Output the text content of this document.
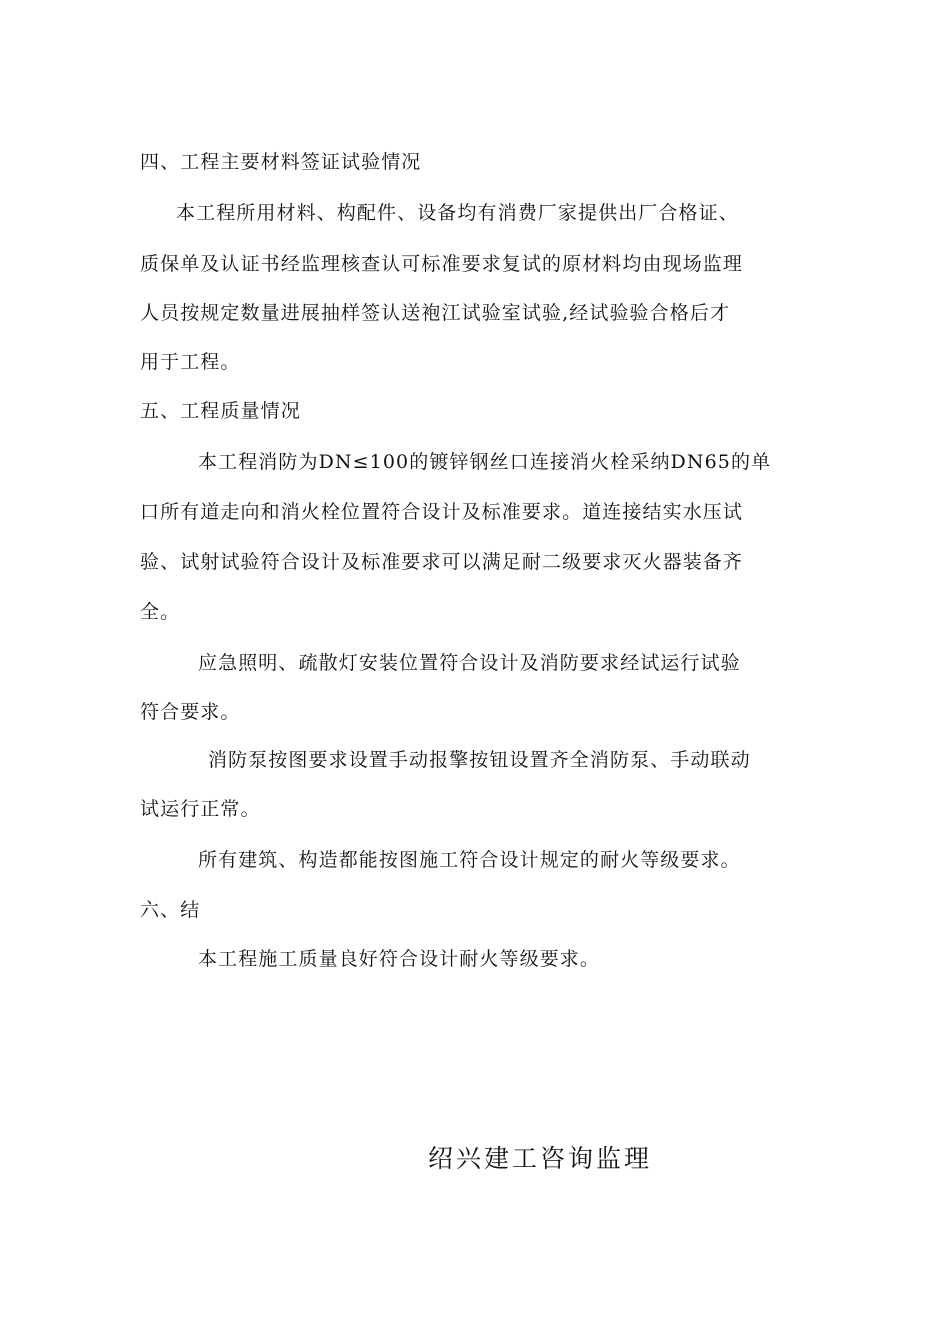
四、工程主要材料签证试验情况
本工程所用材料、构配件、设备均有消费厂家提供出厂合格证、
质保单及认证书经监理核查认可标准要求复试的原材料均由现场监理
人员按规定数量进展抽样签认送袍江试验室试验,经试验验合格后才
用于工程。
五、工程质量情况
本工程消防为DN≤100的镀锌钢丝口连接消火栓采纳DN65的单
口所有道走向和消火栓位置符合设计及标准要求。道连接结实水压试
验、试射试验符合设计及标准要求可以满足耐二级要求灭火器装备齐
全。
应急照明、疏散灯安装位置符合设计及消防要求经试运行试验
符合要求。
消防泵按图要求设置手动报擎按钮设置齐全消防泵、手动联动
试运行正常。
所有建筑、构造都能按图施工符合设计规定的耐火等级要求。
六、结
本工程施工质量良好符合设计耐火等级要求。
绍兴建工咨询监理
